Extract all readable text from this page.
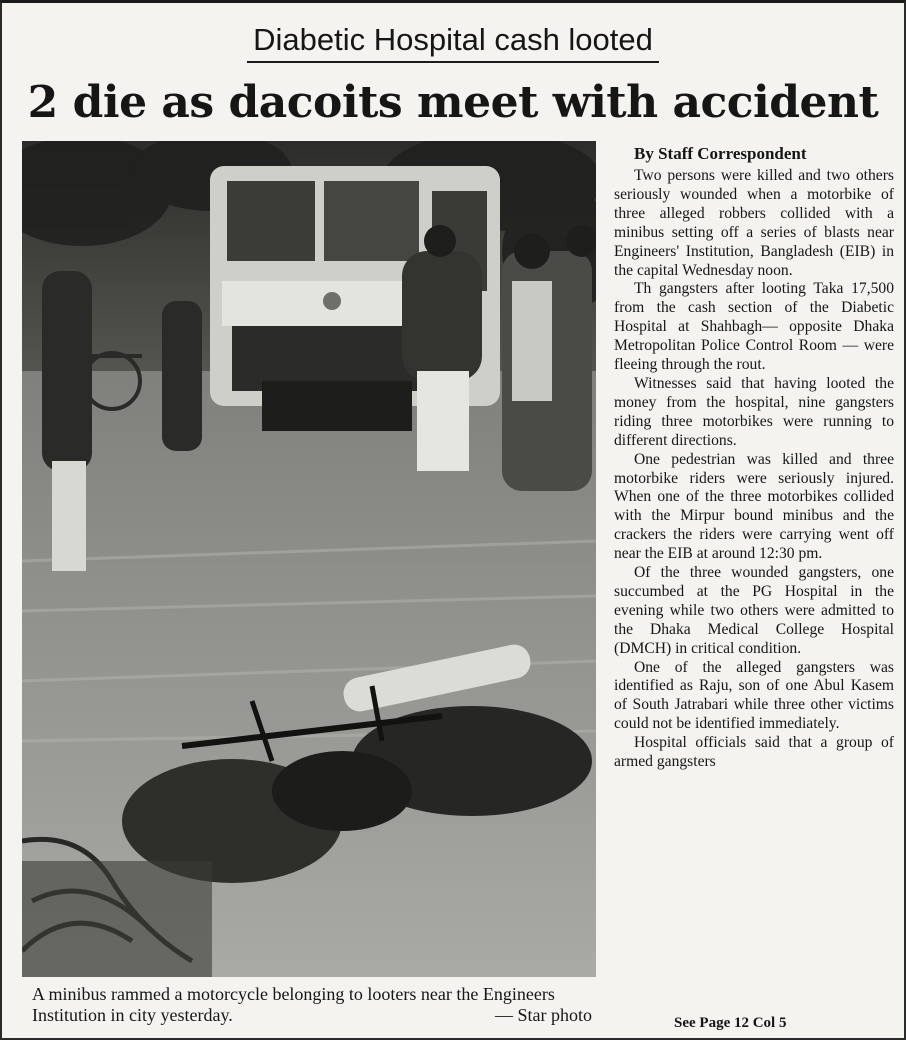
Diabetic Hospital cash looted
2 die as dacoits meet with accident
A minibus rammed a motorcycle belonging to looters near the Engineers Institution in city yesterday.	— Star photo
By Staff Correspondent

Two persons were killed and two others seriously wounded when a motorbike of three alleged robbers collided with a minibus setting off a series of blasts near Engineers' Institution, Bangladesh (EIB) in the capital Wednesday noon.

Th gangsters after looting Taka 17,500 from the cash section of the Diabetic Hospital at Shahbagh— opposite Dhaka Metropolitan Police Control Room — were fleeing through the rout.

Witnesses said that having looted the money from the hospital, nine gangsters riding three motorbikes were running to different directions.

One pedestrian was killed and three motorbike riders were seriously injured. When one of the three motorbikes collided with the Mirpur bound minibus and the crackers the riders were carrying went off near the EIB at around 12:30 pm.

Of the three wounded gangsters, one succumbed at the PG Hospital in the evening while two others were admitted to the Dhaka Medical College Hospital (DMCH) in critical condition.

One of the alleged gangsters was identified as Raju, son of one Abul Kasem of South Jatrabari while three other victims could not be identified immediately.

Hospital officials said that a group of armed gangsters

See Page 12 Col 5
